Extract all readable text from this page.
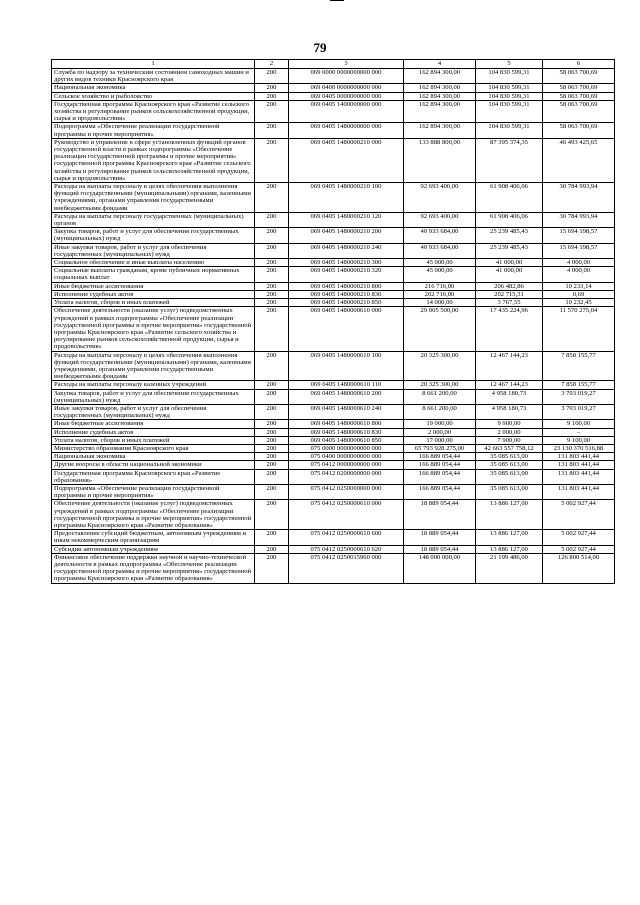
79
1	2	3	4	5	6
Служба по надзору за техническим состоянием самоходных машин и других видов техники Красноярского края	200	069 0000 0000000000 000	162 894 300,00	104 830 599,31	58 063 700,69
Национальная экономика	200	069 0400 0000000000 000	162 894 300,00	104 830 599,31	58 063 700,69
Сельское хозяйство и рыболовство	200	069 0405 0000000000 000	162 894 300,00	104 830 599,31	58 063 700,69
Государственная программа Красноярского края «Развитие сельского хозяйства и регулирование рынков сельскохозяйственной продукции, сырья и продовольствия»	200	069 0405 1400000000 000	162 894 300,00	104 830 599,31	58 063 700,69
Подпрограмма «Обеспечение реализации государственной программы и прочие мероприятия»	200	069 0405 1480000000 000	162 894 300,00	104 830 599,31	58 063 700,69
Руководство и управление в сфере установленных функций органов государственной власти в рамках подпрограммы «Обеспечение реализации государственной программы и прочие мероприятия» государственной программы Красноярского края «Развитие сельского хозяйства и регулирование рынков сельскохозяйственной продукции, сырья и продовольствия»	200	069 0405 1480000210 000	133 888 800,00	87 395 374,35	46 493 425,65
Расходы на выплаты персоналу в целях обеспечения выполнения функций государственными (муниципальными) органами, казенными учреждениями, органами управления государственными внебюджетными фондами	200	069 0405 1480000210 100	92 693 400,00	61 908 406,06	30 784 993,94
Расходы на выплаты персоналу государственных (муниципальных) органов	200	069 0405 1480000210 120	92 693 400,00	61 908 406,06	30 784 993,94
Закупка товаров, работ и услуг для обеспечения государственных (муниципальных) нужд	200	069 0405 1480000210 200	40 933 684,00	25 239 485,43	15 694 198,57
Иные закупки товаров, работ и услуг для обеспечения государственных (муниципальных) нужд	200	069 0405 1480000210 240	40 933 684,00	25 239 485,43	15 694 198,57
Социальное обеспечение и иные выплаты населению	200	069 0405 1480000210 300	45 000,00	41 000,00	4 000,00
Социальные выплаты гражданам, кроме публичных нормативных социальных выплат	200	069 0405 1480000210 320	45 000,00	41 000,00	4 000,00
Иные бюджетные ассигнования	200	069 0405 1480000210 800	216 716,00	206 482,86	10 233,14
Исполнение судебных актов	200	069 0405 1480000210 830	202 716,00	202 715,31	0,69
Уплата налогов, сборов и иных платежей	200	069 0405 1480000210 850	14 000,00	3 767,55	10 232,45
Обеспечение деятельности (оказание услуг) подведомственных учреждений в рамках подпрограммы «Обеспечение реализации государственной программы и прочие мероприятия» государственной программы Красноярского края «Развитие сельского хозяйства и регулирование рынков сельскохозяйственной продукции, сырья и продовольствия»	200	069 0405 1480000610 000	29 005 500,00	17 435 224,96	11 570 275,04
Расходы на выплаты персоналу в целях обеспечения выполнения функций государственными (муниципальными) органами, казенными учреждениями, органами управления государственными внебюджетными фондами	200	069 0405 1480000610 100	20 325 300,00	12 467 144,23	7 858 155,77
Расходы на выплаты персоналу казенных учреждений	200	069 0405 1480000610 110	20 325 300,00	12 467 144,23	7 858 155,77
Закупка товаров, работ и услуг для обеспечения государственных (муниципальных) нужд	200	069 0405 1480000610 200	8 661 200,00	4 958 180,73	3 703 019,27
Иные закупки товаров, работ и услуг для обеспечения государственных (муниципальных) нужд	200	069 0405 1480000610 240	8 661 200,00	4 958 180,73	3 703 019,27
Иные бюджетные ассигнования	200	069 0405 1480000610 800	19 000,00	9 900,00	9 100,00
Исполнение судебных актов	200	069 0405 1480000610 830	2 000,00	2 000,00	–
Уплата налогов, сборов и иных платежей	200	069 0405 1480000610 850	17 000,00	7 900,00	9 100,00
Министерство образования Красноярского края	200	075 0000 0000000000 000	65 793 928 275,00	42 663 557 758,12	23 130 370 516,88
Национальная экономика	200	075 0400 0000000000 000	166 889 054,44	35 085 613,00	131 803 441,44
Другие вопросы в области национальной экономики	200	075 0412 0000000000 000	166 889 054,44	35 085 613,00	131 803 441,44
Государственная программа Красноярского края «Развитие образования»	200	075 0412 0200000000 000	166 889 054,44	35 085 613,00	131 803 441,44
Подпрограмма «Обеспечение реализации государственной программы и прочие мероприятия»	200	075 0412 0250000000 000	166 889 054,44	35 085 613,00	131 803 441,44
Обеспечение деятельности (оказание услуг) подведомственных учреждений в рамках подпрограммы «Обеспечение реализации государственной программы и прочие мероприятия» государственной программы Красноярского края «Развитие образования»	200	075 0412 0250000610 000	18 889 054,44	13 886 127,00	5 002 927,44
Предоставление субсидий бюджетным, автономным учреждениям и иным некоммерческим организациям	200	075 0412 0250000610 600	18 889 054,44	13 886 127,00	5 002 927,44
Субсидии автономным учреждениям	200	075 0412 0250000610 620	18 889 054,44	13 886 127,00	5 002 927,44
Финансовое обеспечение поддержки научной и научно-технической деятельности в рамках подпрограммы «Обеспечение реализации государственной программы и прочие мероприятия» государственной программы Красноярского края «Развитие образования»	200	075 0412 0250015960 000	148 000 000,00	21 199 486,00	126 800 514,00
